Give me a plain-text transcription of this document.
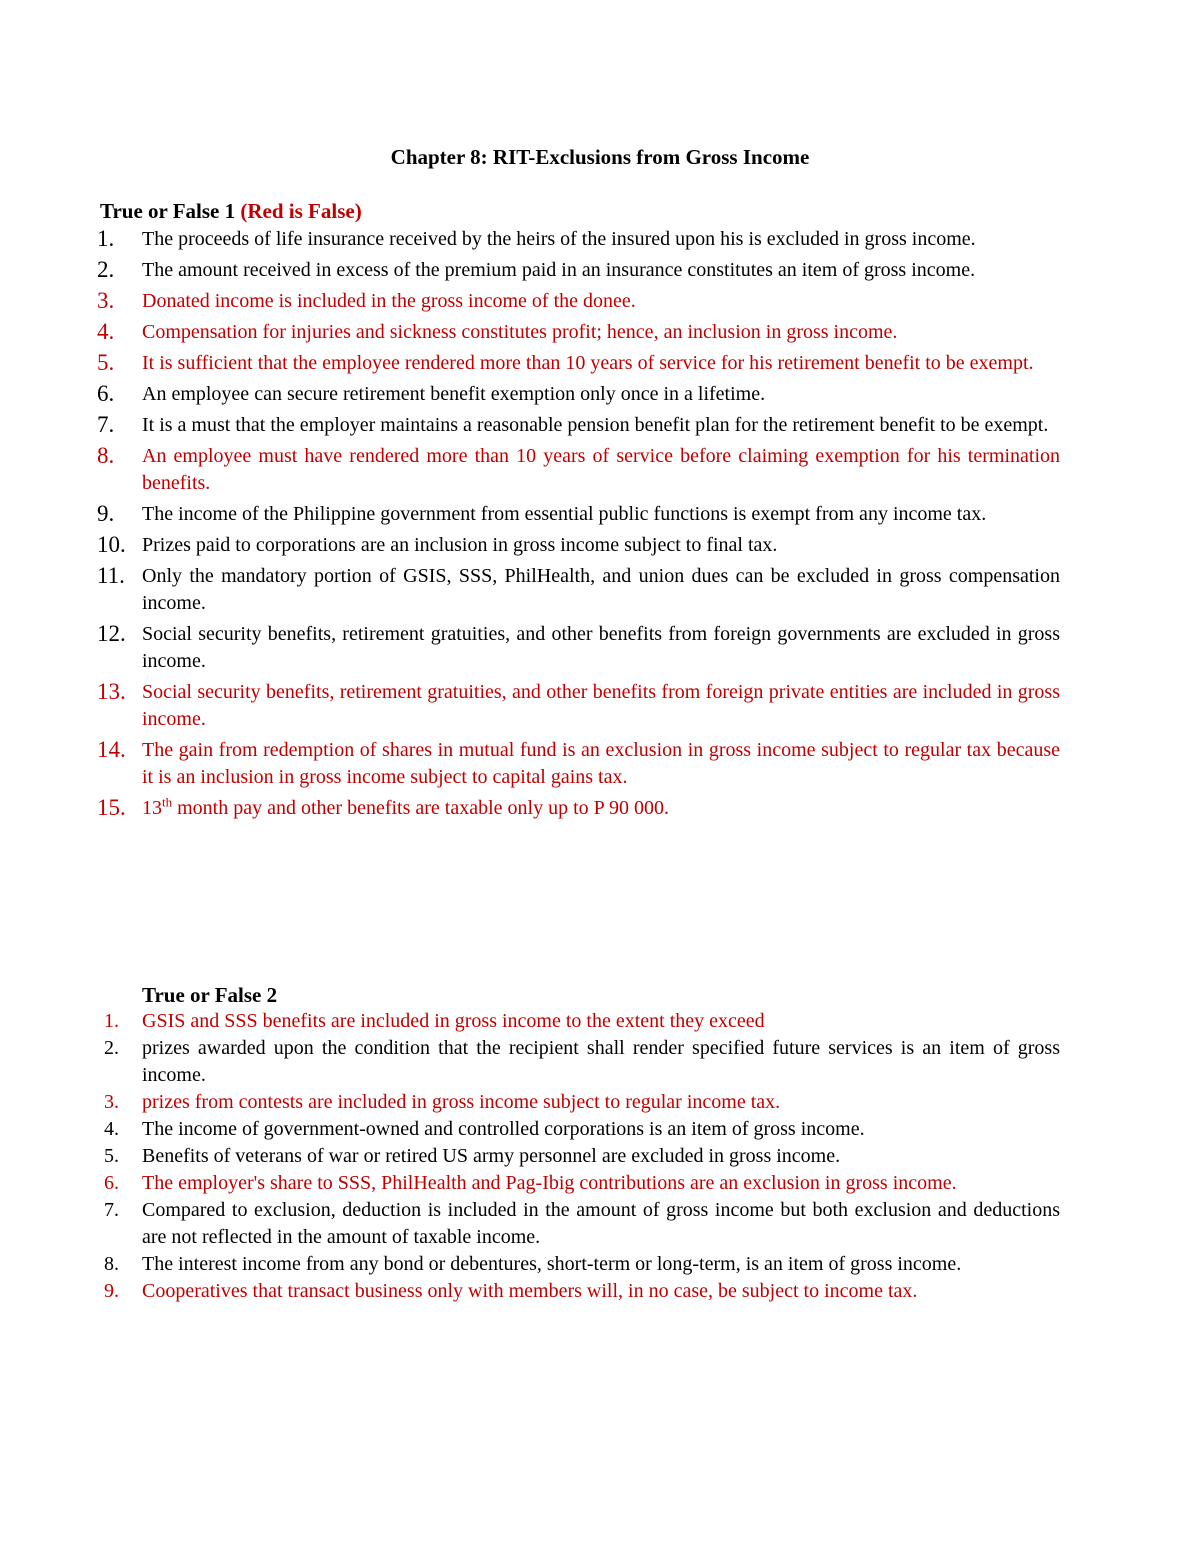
Chapter 8: RIT-Exclusions from Gross Income
True or False 1 (Red is False)
1. The proceeds of life insurance received by the heirs of the insured upon his is excluded in gross income.
2. The amount received in excess of the premium paid in an insurance constitutes an item of gross income.
3. Donated income is included in the gross income of the donee.
4. Compensation for injuries and sickness constitutes profit; hence, an inclusion in gross income.
5. It is sufficient that the employee rendered more than 10 years of service for his retirement benefit to be exempt.
6. An employee can secure retirement benefit exemption only once in a lifetime.
7. It is a must that the employer maintains a reasonable pension benefit plan for the retirement benefit to be exempt.
8. An employee must have rendered more than 10 years of service before claiming exemption for his termination benefits.
9. The income of the Philippine government from essential public functions is exempt from any income tax.
10. Prizes paid to corporations are an inclusion in gross income subject to final tax.
11. Only the mandatory portion of GSIS, SSS, PhilHealth, and union dues can be excluded in gross compensation income.
12. Social security benefits, retirement gratuities, and other benefits from foreign governments are excluded in gross income.
13. Social security benefits, retirement gratuities, and other benefits from foreign private entities are included in gross income.
14. The gain from redemption of shares in mutual fund is an exclusion in gross income subject to regular tax because it is an inclusion in gross income subject to capital gains tax.
15. 13th month pay and other benefits are taxable only up to P 90 000.
True or False 2
1. GSIS and SSS benefits are included in gross income to the extent they exceed
2. prizes awarded upon the condition that the recipient shall render specified future services is an item of gross income.
3. prizes from contests are included in gross income subject to regular income tax.
4. The income of government-owned and controlled corporations is an item of gross income.
5. Benefits of veterans of war or retired US army personnel are excluded in gross income.
6. The employer's share to SSS, PhilHealth and Pag-Ibig contributions are an exclusion in gross income.
7. Compared to exclusion, deduction is included in the amount of gross income but both exclusion and deductions are not reflected in the amount of taxable income.
8. The interest income from any bond or debentures, short-term or long-term, is an item of gross income.
9. Cooperatives that transact business only with members will, in no case, be subject to income tax.
